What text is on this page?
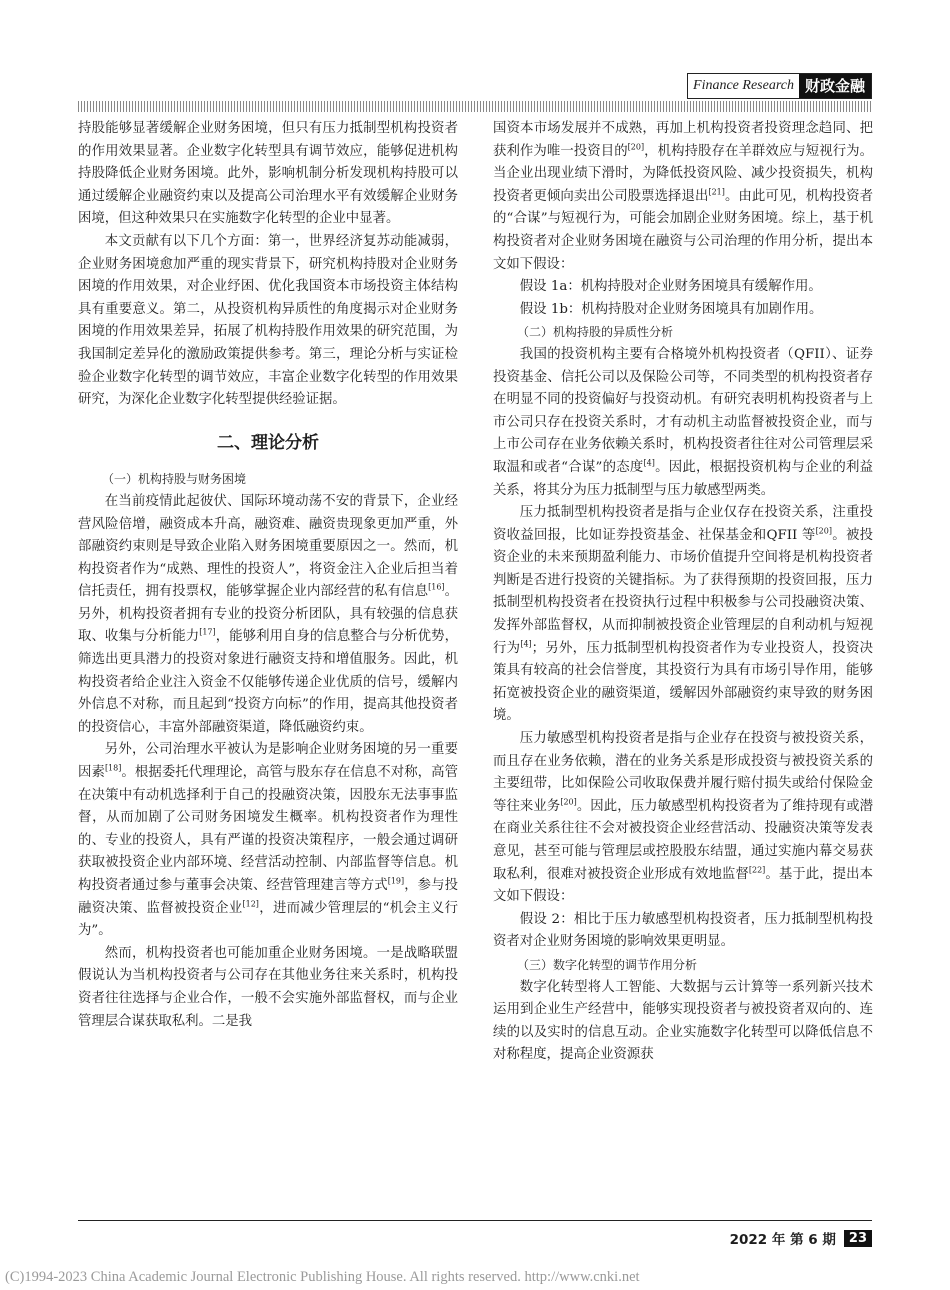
Finance Research 财政金融

持股能够显著缓解企业财务困境，但只有压力抵制型机构投资者的作用效果显著。企业数字化转型具有调节效应，能够促进机构持股降低企业财务困境。此外，影响机制分析发现机构持股可以通过缓解企业融资约束以及提高公司治理水平有效缓解企业财务困境，但这种效果只在实施数字化转型的企业中显著。

本文贡献有以下几个方面：第一，世界经济复苏动能减弱，企业财务困境愈加严重的现实背景下，研究机构持股对企业财务困境的作用效果，对企业纾困、优化我国资本市场投资主体结构具有重要意义。第二，从投资机构异质性的角度揭示对企业财务困境的作用效果差异，拓展了机构持股作用效果的研究范围，为我国制定差异化的激励政策提供参考。第三，理论分析与实证检验企业数字化转型的调节效应，丰富企业数字化转型的作用效果研究，为深化企业数字化转型提供经验证据。

二、理论分析

（一）机构持股与财务困境

在当前疫情此起彼伏、国际环境动荡不安的背景下，企业经营风险倍增，融资成本升高，融资难、融资贵现象更加严重，外部融资约束则是导致企业陷入财务困境重要原因之一。然而，机构投资者作为“成熟、理性的投资人”，将资金注入企业后担当着信托责任，拥有投票权，能够掌握企业内部经营的私有信息[16]。另外，机构投资者拥有专业的投资分析团队，具有较强的信息获取、收集与分析能力[17]，能够利用自身的信息整合与分析优势，筛选出更具潜力的投资对象进行融资支持和增值服务。因此，机构投资者给企业注入资金不仅能够传递企业优质的信号，缓解内外信息不对称，而且起到“投资方向标”的作用，提高其他投资者的投资信心，丰富外部融资渠道，降低融资约束。

另外，公司治理水平被认为是影响企业财务困境的另一重要因素[18]。根据委托代理理论，高管与股东存在信息不对称，高管在决策中有动机选择利于自己的投融资决策，因股东无法事事监督，从而加剧了公司财务困境发生概率。机构投资者作为理性的、专业的投资人，具有严谨的投资决策程序，一般会通过调研获取被投资企业内部环境、经营活动控制、内部监督等信息。机构投资者通过参与董事会决策、经营管理建言等方式[19]，参与投融资决策、监督被投资企业[12]，进而减少管理层的“机会主义行为”。

然而，机构投资者也可能加重企业财务困境。一是战略联盟假说认为当机构投资者与公司存在其他业务往来关系时，机构投资者往往选择与企业合作，一般不会实施外部监督权，而与企业管理层合谋获取私利。二是我

国资本市场发展并不成熟，再加上机构投资者投资理念趋同、把获利作为唯一投资目的[20]，机构持股存在羊群效应与短视行为。当企业出现业绩下滑时，为降低投资风险、减少投资损失，机构投资者更倾向卖出公司股票选择退出[21]。由此可见，机构投资者的“合谋”与短视行为，可能会加剧企业财务困境。综上，基于机构投资者对企业财务困境在融资与公司治理的作用分析，提出本文如下假设：

假设 1a：机构持股对企业财务困境具有缓解作用。

假设 1b：机构持股对企业财务困境具有加剧作用。

（二）机构持股的异质性分析

我国的投资机构主要有合格境外机构投资者（QFII）、证券投资基金、信托公司以及保险公司等，不同类型的机构投资者存在明显不同的投资偏好与投资动机。有研究表明机构投资者与上市公司只存在投资关系时，才有动机主动监督被投资企业，而与上市公司存在业务依赖关系时，机构投资者往往对公司管理层采取温和或者“合谋”的态度[4]。因此，根据投资机构与企业的利益关系，将其分为压力抵制型与压力敏感型两类。

压力抵制型机构投资者是指与企业仅存在投资关系，注重投资收益回报，比如证券投资基金、社保基金和QFII 等[20]。被投资企业的未来预期盈利能力、市场价值提升空间将是机构投资者判断是否进行投资的关键指标。为了获得预期的投资回报，压力抵制型机构投资者在投资执行过程中积极参与公司投融资决策、发挥外部监督权，从而抑制被投资企业管理层的自利动机与短视行为[4]；另外，压力抵制型机构投资者作为专业投资人，投资决策具有较高的社会信誉度，其投资行为具有市场引导作用，能够拓宽被投资企业的融资渠道，缓解因外部融资约束导致的财务困境。

压力敏感型机构投资者是指与企业存在投资与被投资关系，而且存在业务依赖，潜在的业务关系是形成投资与被投资关系的主要纽带，比如保险公司收取保费并履行赔付损失或给付保险金等往来业务[20]。因此，压力敏感型机构投资者为了维持现有或潜在商业关系往往不会对被投资企业经营活动、投融资决策等发表意见，甚至可能与管理层或控股股东结盟，通过实施内幕交易获取私利，很难对被投资企业形成有效地监督[22]。基于此，提出本文如下假设：

假设 2：相比于压力敏感型机构投资者，压力抵制型机构投资者对企业财务困境的影响效果更明显。

（三）数字化转型的调节作用分析

数字化转型将人工智能、大数据与云计算等一系列新兴技术运用到企业生产经营中，能够实现投资者与被投资者双向的、连续的以及实时的信息互动。企业实施数字化转型可以降低信息不对称程度，提高企业资源获

2022 年 第 6 期	23
(C)1994-2023 China Academic Journal Electronic Publishing House. All rights reserved. http://www.cnki.net
